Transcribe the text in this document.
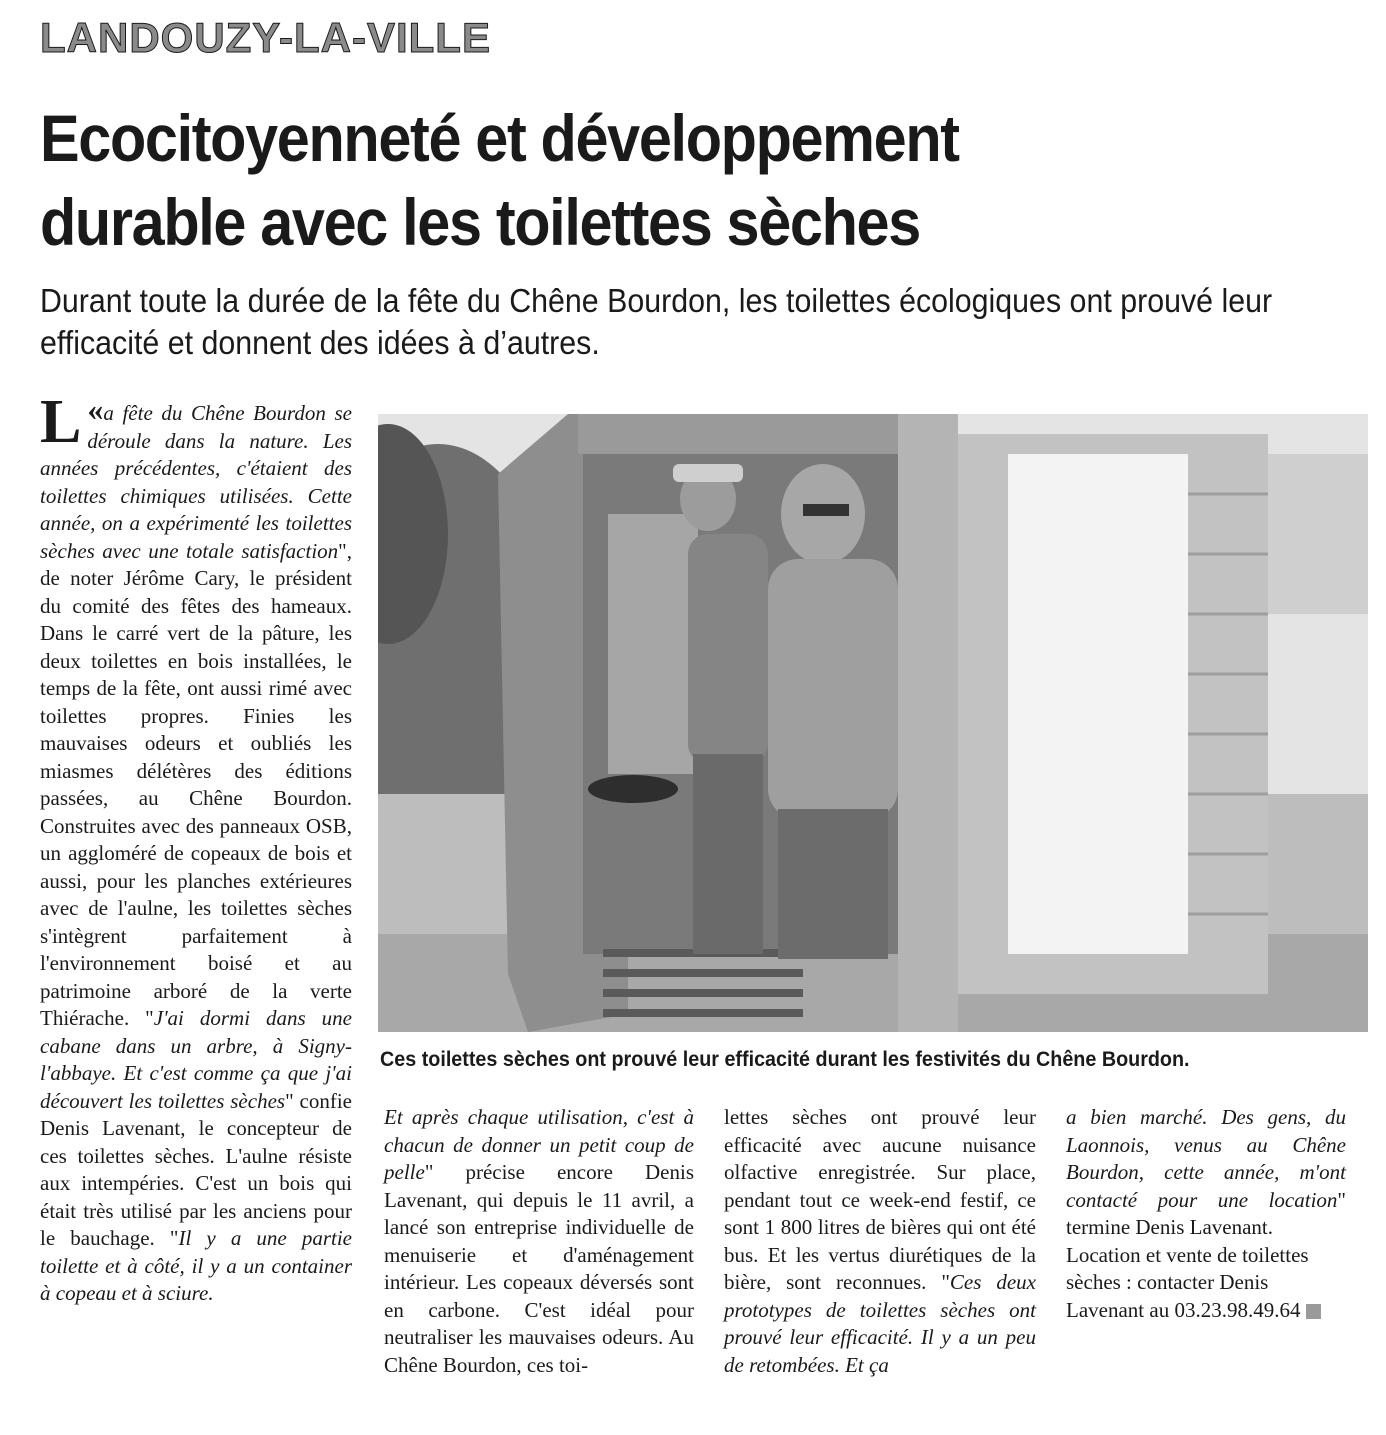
LANDOUZY-LA-VILLE
Ecocitoyenneté et développement
durable avec les toilettes sèches
Durant toute la durée de la fête du Chêne Bourdon, les toilettes écologiques ont prouvé leur efficacité et donnent des idées à d’autres.

«
L a fête du Chêne Bourdon se déroule dans la nature. Les années précédentes, c'étaient des toilettes chimiques utilisées. Cette année, on a expérimenté les toilettes sèches avec une totale satisfaction", de noter Jérôme Cary, le président du comité des fêtes des hameaux. Dans le carré vert de la pâture, les deux toilettes en bois installées, le temps de la fête, ont aussi rimé avec toilettes propres. Finies les mauvaises odeurs et oubliés les miasmes délétères des éditions passées, au Chêne Bourdon. Construites avec des panneaux OSB, un aggloméré de copeaux de bois et aussi, pour les planches extérieures avec de l'aulne, les toilettes sèches s'intègrent parfaitement à l'environnement boisé et au patrimoine arboré de la verte Thiérache. "J'ai dormi dans une cabane dans un arbre, à Signy-l'abbaye. Et c'est comme ça que j'ai découvert les toilettes sèches" confie Denis Lavenant, le concepteur de ces toilettes sèches. L'aulne résiste aux intempéries. C'est un bois qui était très utilisé par les anciens pour le bauchage. "Il y a une partie toilette et à côté, il y a un container à copeau et à sciure.

Ces toilettes sèches ont prouvé leur efficacité durant les festivités du Chêne Bourdon.

Et après chaque utilisation, c'est à chacun de donner un petit coup de pelle" précise encore Denis Lavenant, qui depuis le 11 avril, a lancé son entreprise individuelle de menuiserie et d'aménagement intérieur. Les copeaux déversés sont en carbone. C'est idéal pour neutraliser les mauvaises odeurs. Au Chêne Bourdon, ces toi-

lettes sèches ont prouvé leur efficacité avec aucune nuisance olfactive enregistrée. Sur place, pendant tout ce week-end festif, ce sont 1 800 litres de bières qui ont été bus. Et les vertus diurétiques de la bière, sont reconnues. "Ces deux prototypes de toilettes sèches ont prouvé leur efficacité. Il y a un peu de retombées. Et ça

a bien marché. Des gens, du Laonnois, venus au Chêne Bourdon, cette année, m'ont contacté pour une location" termine Denis Lavenant.

Location et vente de toilettes sèches : contacter Denis Lavenant au 03.23.98.49.64
